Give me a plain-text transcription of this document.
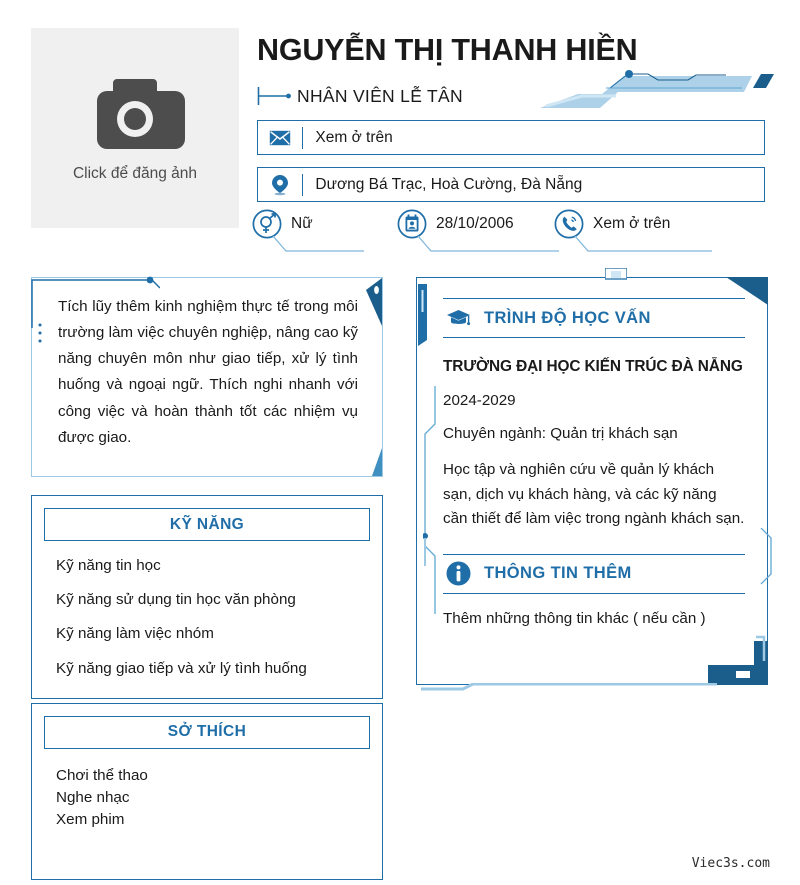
Click để đăng ảnh
NGUYỄN THỊ THANH HIỀN
NHÂN VIÊN LỄ TÂN
Xem ở trên
Dương Bá Trạc, Hoà Cường, Đà Nẵng
Nữ	28/10/2006	Xem ở trên
Tích lũy thêm kinh nghiệm thực tế trong môi trường làm việc chuyên nghiệp, nâng cao kỹ năng chuyên môn như giao tiếp, xử lý tình huống và ngoại ngữ. Thích nghi nhanh với công việc và hoàn thành tốt các nhiệm vụ được giao.
KỸ NĂNG
Kỹ năng tin học
Kỹ năng sử dụng tin học văn phòng
Kỹ năng làm việc nhóm
Kỹ năng giao tiếp và xử lý tình huống
SỞ THÍCH
Chơi thể thao
Nghe nhạc
Xem phim
TRÌNH ĐỘ HỌC VẤN
TRƯỜNG ĐẠI HỌC KIẾN TRÚC ĐÀ NẴNG
2024-2029
Chuyên ngành: Quản trị khách sạn
Học tập và nghiên cứu về quản lý khách sạn, dịch vụ khách hàng, và các kỹ năng cần thiết để làm việc trong ngành khách sạn.
THÔNG TIN THÊM
Thêm những thông tin khác ( nếu cần )
Viec3s.com
